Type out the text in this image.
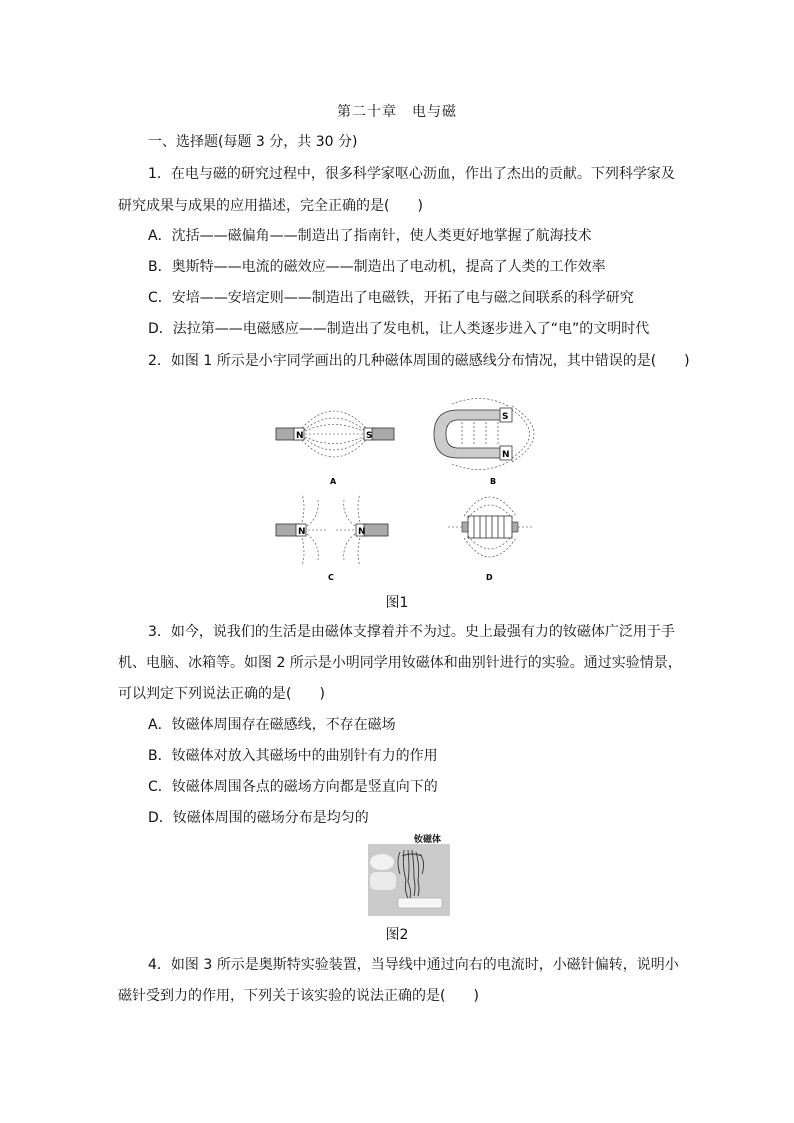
第二十章　电与磁
一、选择题(每题 3 分，共 30 分)
1．在电与磁的研究过程中，很多科学家呕心沥血，作出了杰出的贡献。下列科学家及
研究成果与成果的应用描述，完全正确的是(　　)
A．沈括——磁偏角——制造出了指南针，使人类更好地掌握了航海技术
B．奥斯特——电流的磁效应——制造出了电动机，提高了人类的工作效率
C．安培——安培定则——制造出了电磁铁，开拓了电与磁之间联系的科学研究
D．法拉第——电磁感应——制造出了发电机，让人类逐步进入了“电”的文明时代
2．如图 1 所示是小宇同学画出的几种磁体周围的磁感线分布情况，其中错误的是(　　)
N	S
A
S
N
B
N	N
C	D
图1
3．如今，说我们的生活是由磁体支撑着并不为过。史上最强有力的钕磁体广泛用于手
机、电脑、冰箱等。如图 2 所示是小明同学用钕磁体和曲别针进行的实验。通过实验情景，
可以判定下列说法正确的是(　　)
A．钕磁体周围存在磁感线，不存在磁场
B．钕磁体对放入其磁场中的曲别针有力的作用
C．钕磁体周围各点的磁场方向都是竖直向下的
D．钕磁体周围的磁场分布是均匀的
钕磁体
图2
4．如图 3 所示是奥斯特实验装置，当导线中通过向右的电流时，小磁针偏转，说明小
磁针受到力的作用，下列关于该实验的说法正确的是(　　)
